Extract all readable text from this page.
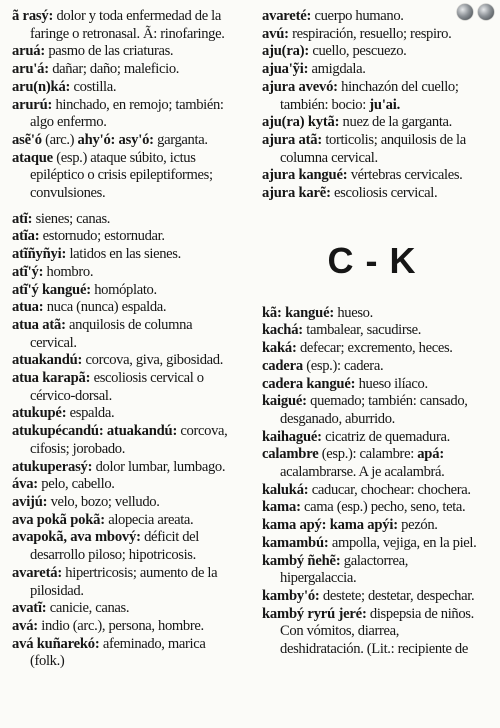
ã rasý: dolor y toda enfermedad de la faringe o retronasal. Ã: rinofaringe.
aruá: pasmo de las criaturas.
aru'á: dañar; daño; maleficio.
aru(n)ká: costilla.
arurú: hinchado, en remojo; también: algo enfermo.
asẽ'ó (arc.) ahy'ó: asy'ó: garganta.
ataque (esp.) ataque súbito, ictus epiléptico o crisis epileptiformes; convulsiones.
atĩ: sienes; canas.
atĩa: estornudo; estornudar.
atĩñyñyi: latidos en las sienes.
atĩ'ý: hombro.
atĩ'ý kangué: homóplato.
atua: nuca (nunca) espalda.
atua atã: anquilosis de columna cervical.
atuakandú: corcova, giva, gibosidad.
atua karapã: escoliosis cervical o cérvico-dorsal.
atukupé: espalda.
atukupécandú: atuakandú: corcova, cifosis; jorobado.
atukuperasý: dolor lumbar, lumbago.
áva: pelo, cabello.
avijú: velo, bozo; velludo.
ava pokã pokã: alopecia areata.
avapokã, ava mbový: déficit del desarrollo piloso; hipotricosis.
avaretá: hipertricosis; aumento de la pilosidad.
avatĩ: canicie, canas.
avá: indio (arc.), persona, hombre.
avá kuñarekó: afeminado, marica (folk.)
avareté: cuerpo humano.
avú: respiración, resuello; respiro.
aju(ra): cuello, pescuezo.
ajua'ỹi: amigdala.
ajura avevó: hinchazón del cuello; también: bocio: ju'ai.
aju(ra) kytã: nuez de la garganta.
ajura atã: torticolis; anquilosis de la columna cervical.
ajura kangué: vértebras cervicales.
ajura karẽ: escoliosis cervical.
C - K
kã: kangué: hueso.
kachá: tambalear, sacudirse.
kaká: defecar; excremento, heces.
cadera (esp.): cadera.
cadera kangué: hueso ilíaco.
kaigué: quemado; también: cansado, desganado, aburrido.
kaihagué: cicatriz de quemadura.
calambre (esp.): calambre: apá: acalambrarse. A je acalambrá.
kaluká: caducar, chochear: chochera.
kama: cama (esp.) pecho, seno, teta.
kama apý: kama apýi: pezón.
kamambú: ampolla, vejiga, en la piel.
kambý ñehẽ: galactorrea, hipergalaccia.
kamby'ó: destete; destetar, despechar.
kambý ryrú jeré: dispepsia de niños. Con vómitos, diarrea, deshidratación. (Lit.: recipiente de
